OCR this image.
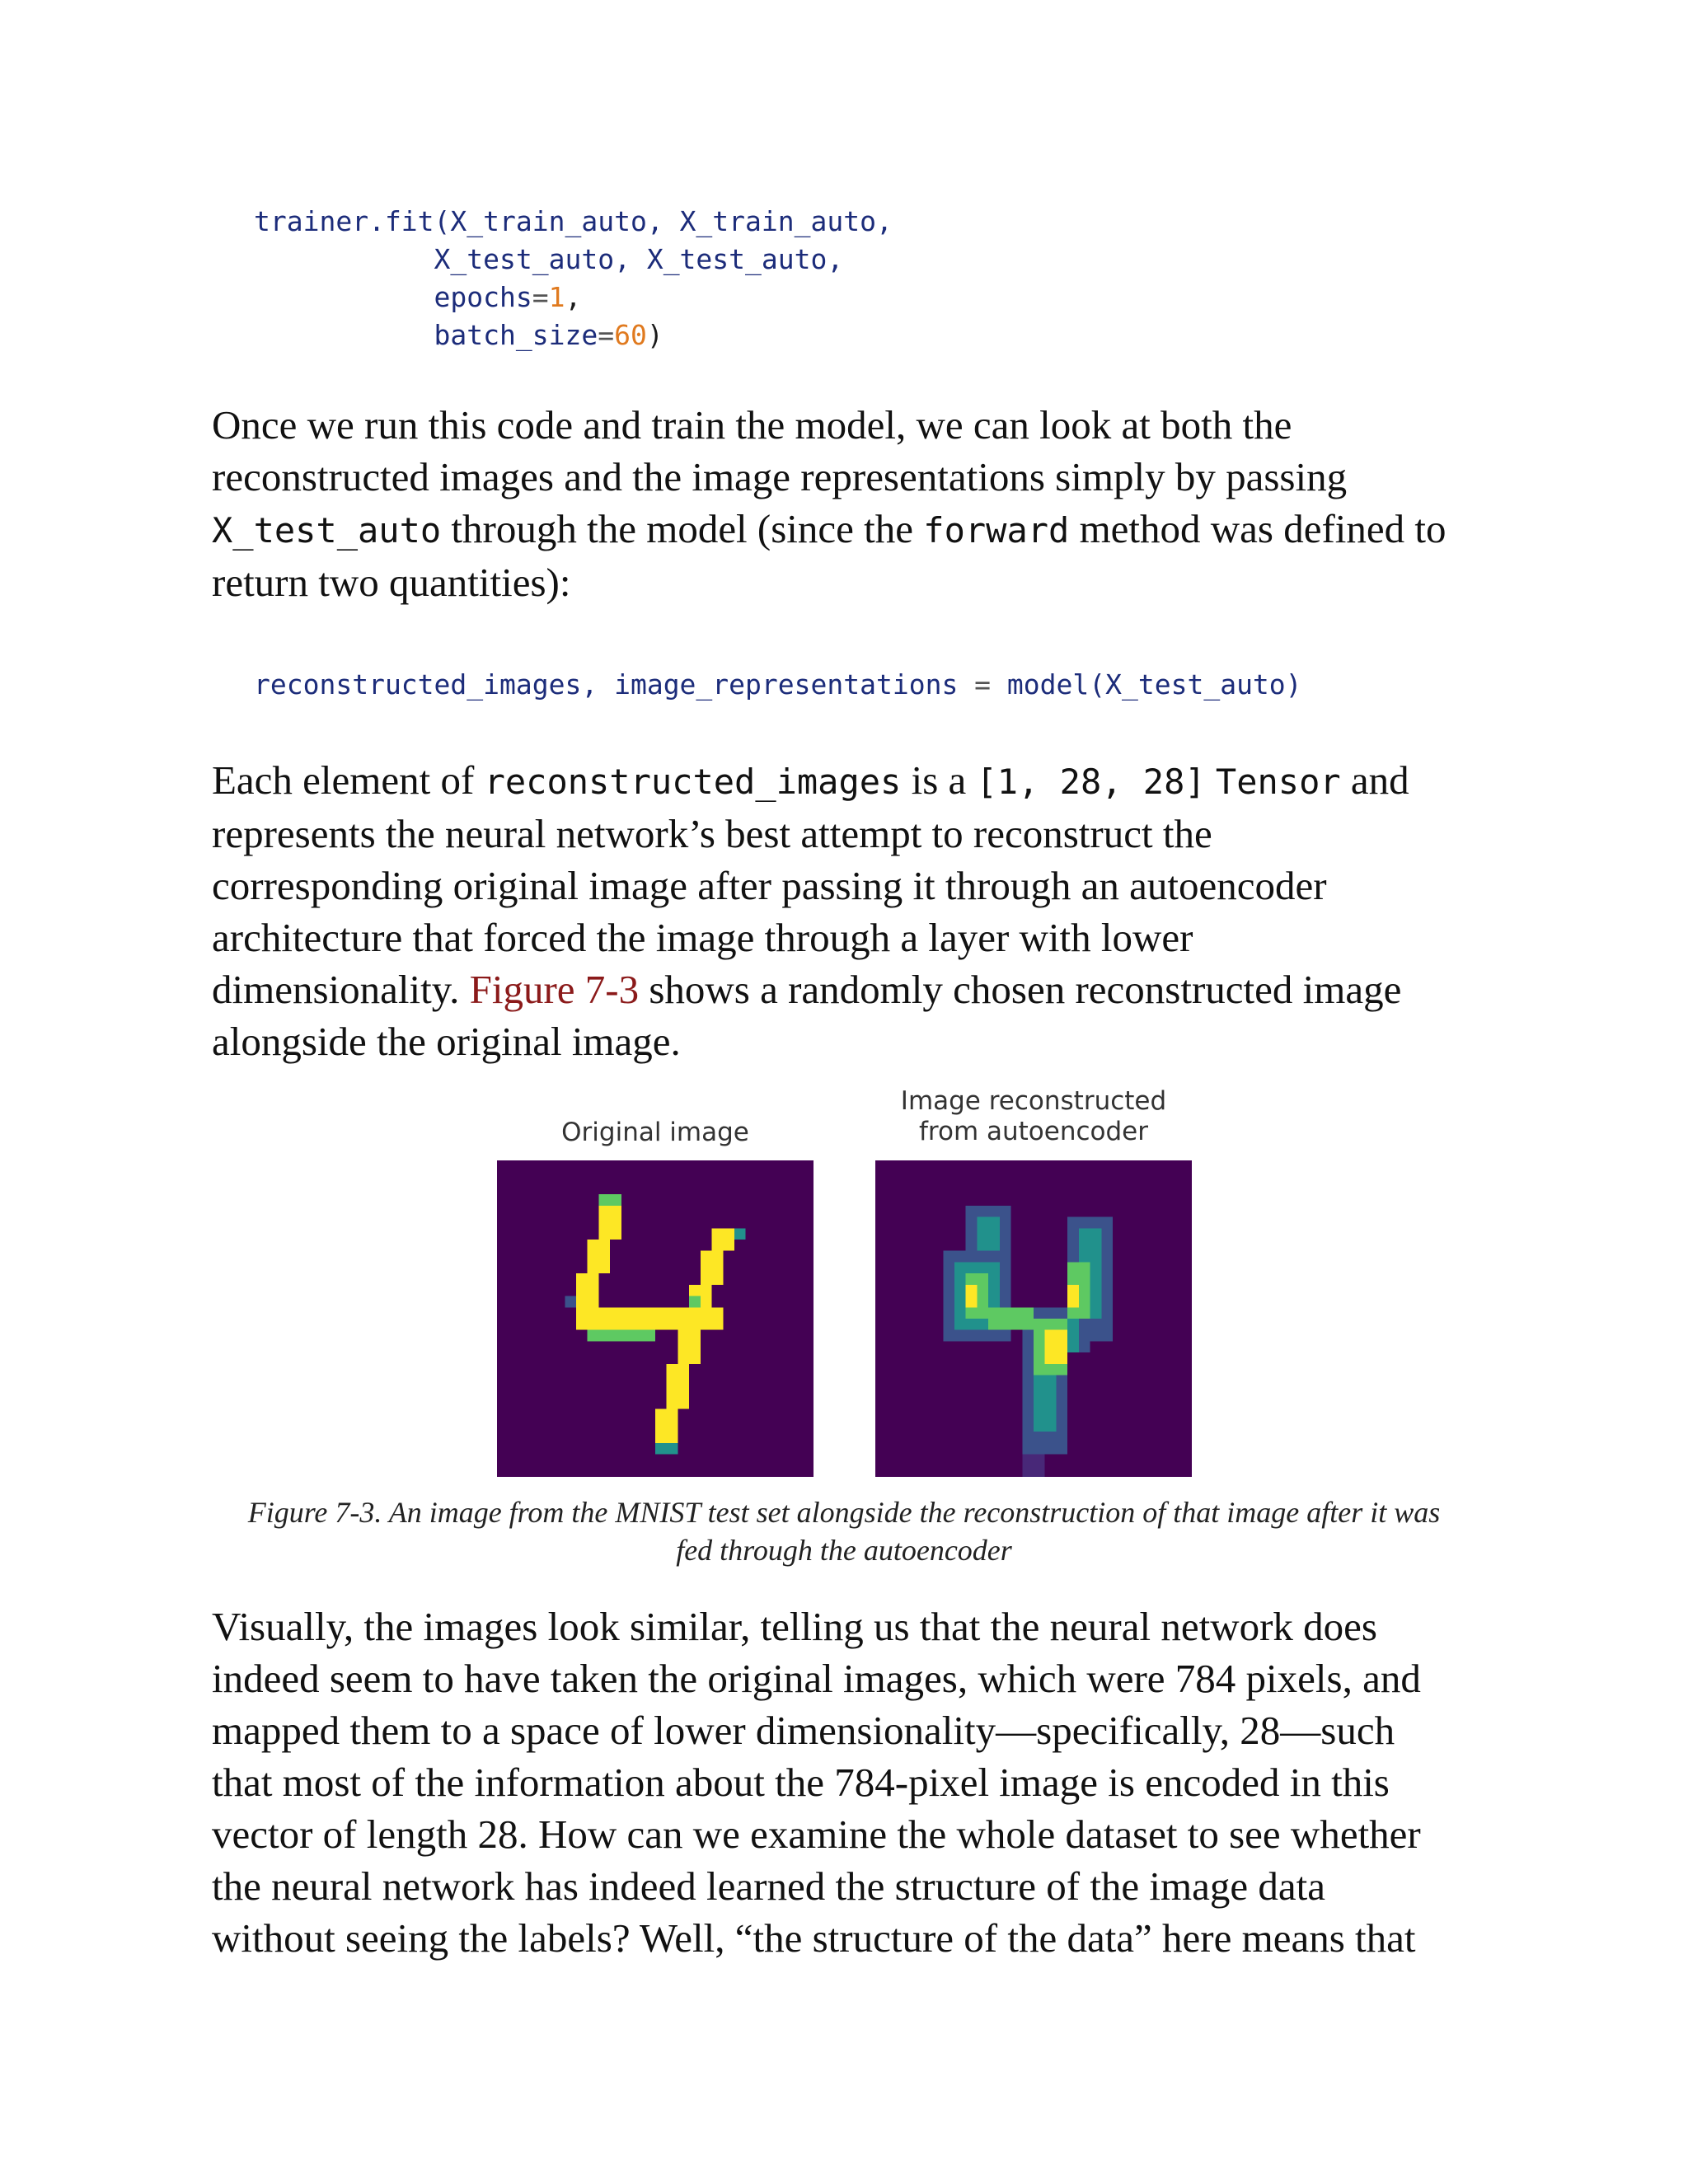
trainer.fit(X_train_auto, X_train_auto,
X_test_auto, X_test_auto,
epochs=1,
batch_size=60)
Once we run this code and train the model, we can look at both the
reconstructed images and the image representations simply by passing
X_test_auto through the model (since the forward method was defined to
return two quantities):
reconstructed_images, image_representations = model(X_test_auto)
Each element of reconstructed_images is a [1, 28, 28] Tensor and
represents the neural network’s best attempt to reconstruct the
corresponding original image after passing it through an autoencoder
architecture that forced the image through a layer with lower
dimensionality. Figure 7-3 shows a randomly chosen reconstructed image
alongside the original image.
Original image
Image reconstructed
from autoencoder
Figure 7-3. An image from the MNIST test set alongside the reconstruction of that image after it was
fed through the autoencoder
Visually, the images look similar, telling us that the neural network does
indeed seem to have taken the original images, which were 784 pixels, and
mapped them to a space of lower dimensionality—specifically, 28—such
that most of the information about the 784-pixel image is encoded in this
vector of length 28. How can we examine the whole dataset to see whether
the neural network has indeed learned the structure of the image data
without seeing the labels? Well, “the structure of the data” here means that
